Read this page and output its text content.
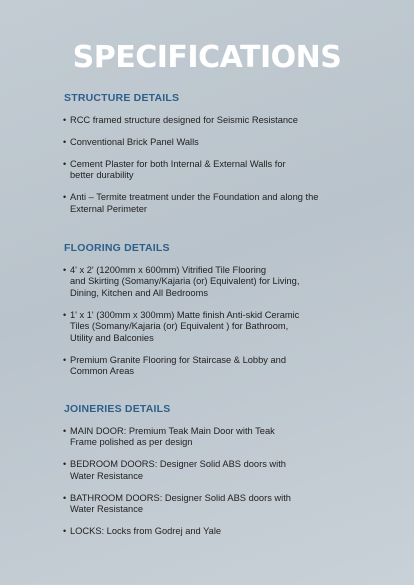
SPECIFICATIONS
STRUCTURE DETAILS
• RCC framed structure designed for Seismic Resistance
• Conventional Brick Panel Walls
• Cement Plaster for both Internal & External Walls for
better durability
• Anti – Termite treatment under the Foundation and along the
External Perimeter
FLOORING DETAILS
• 4' x 2' (1200mm x 600mm) Vitrified Tile Flooring
and Skirting (Somany/Kajaria (or) Equivalent) for Living,
Dining, Kitchen and All Bedrooms
• 1' x 1' (300mm x 300mm) Matte finish Anti-skid Ceramic
Tiles (Somany/Kajaria (or) Equivalent ) for Bathroom,
Utility and Balconies
• Premium Granite Flooring for Staircase & Lobby and
Common Areas
JOINERIES DETAILS
• MAIN DOOR: Premium Teak Main Door with Teak
Frame polished as per design
• BEDROOM DOORS: Designer Solid ABS doors with
Water Resistance
• BATHROOM DOORS: Designer Solid ABS doors with
Water Resistance
• LOCKS: Locks from Godrej and Yale
